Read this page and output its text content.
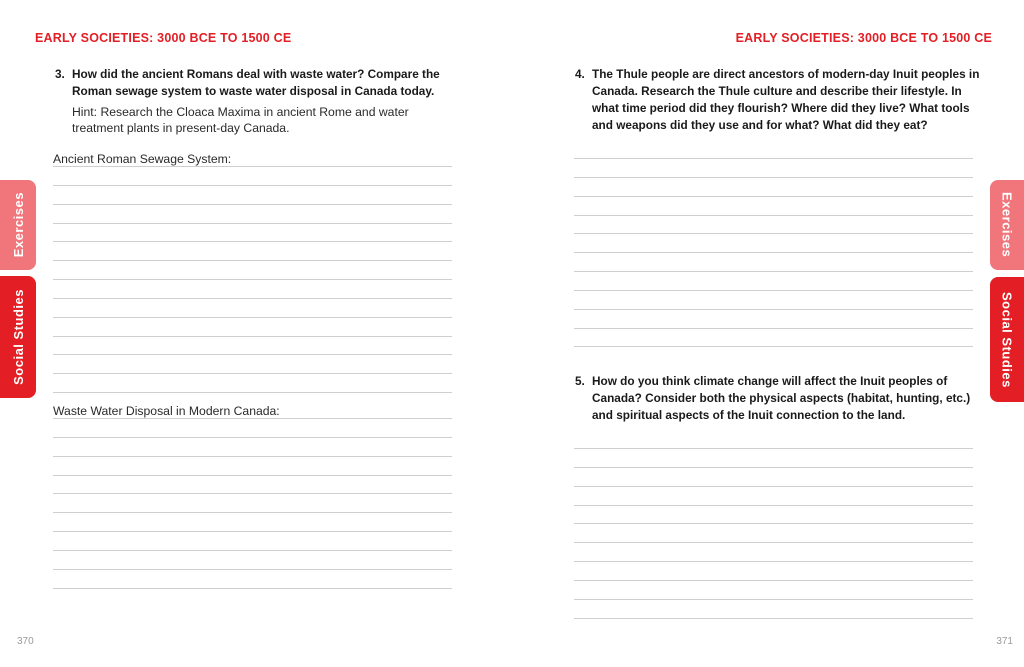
EARLY SOCIETIES: 3000 BCE TO 1500 CE
3. How did the ancient Romans deal with waste water? Compare the Roman sewage system to waste water disposal in Canada today.
Hint: Research the Cloaca Maxima in ancient Rome and water treatment plants in present-day Canada.
Ancient Roman Sewage System:
Waste Water Disposal in Modern Canada:
Exercises
Social Studies
370
EARLY SOCIETIES: 3000 BCE TO 1500 CE
4. The Thule people are direct ancestors of modern-day Inuit peoples in Canada. Research the Thule culture and describe their lifestyle. In what time period did they flourish? Where did they live? What tools and weapons did they use and for what? What did they eat?
5. How do you think climate change will affect the Inuit peoples of Canada? Consider both the physical aspects (habitat, hunting, etc.) and spiritual aspects of the Inuit connection to the land.
Exercises
Social Studies
371
